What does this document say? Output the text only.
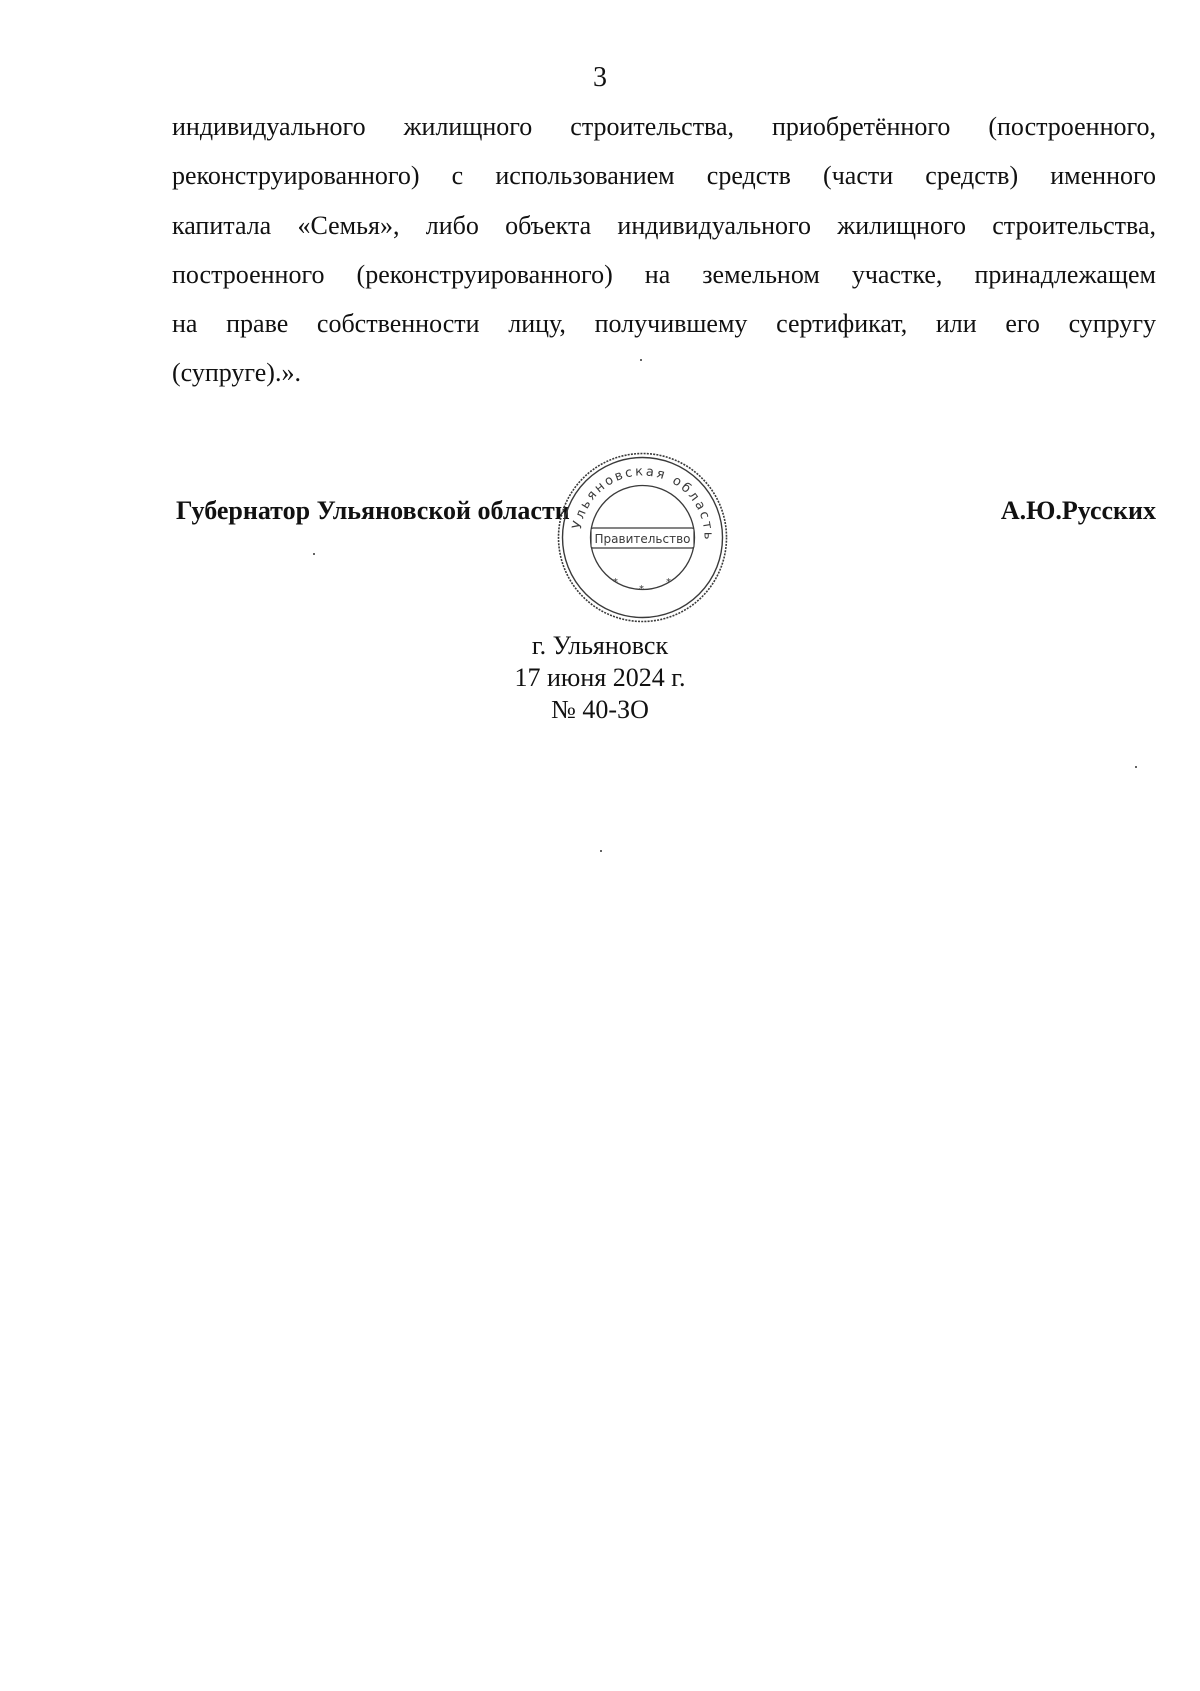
3
индивидуального жилищного строительства, приобретённого (построенного,
реконструированного) с использованием средств (части средств) именного
капитала «Семья», либо объекта индивидуального жилищного строительства,
построенного (реконструированного) на земельном участке, принадлежащем
на праве собственности лицу, получившему сертификат, или его супругу
(супруге).».
Губернатор Ульяновской области	А.Ю.Русских
Ульяновская область
Правительство
*
*
*
г. Ульяновск
17 июня 2024 г.
№ 40-ЗО
